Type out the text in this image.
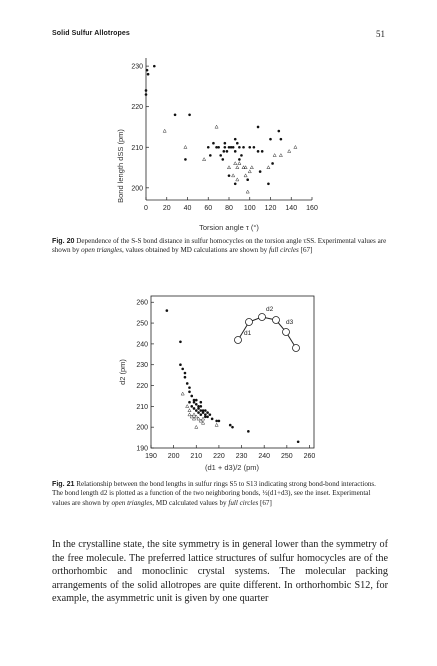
Solid Sulfur Allotropes	51
200
210
220
230
0 20 40 60 80 100 120 140 160
Torsion angle τ (°)
Bond length dSS (pm)
Fig. 20 Dependence of the S-S bond distance in sulfur homocycles on the torsion angle τSS. Experimental values are shown by open triangles, values obtained by MD calculations are shown by full circles [67]
190
200
210
220
230
240
250
260
190 200 210 220 230 240 250 260
d1
d2
d3
(d1 + d3)/2 (pm)
d2 (pm)
Fig. 21 Relationship between the bond lengths in sulfur rings S5 to S13 indicating strong bond-bond interactions. The bond length d2 is plotted as a function of the two neighboring bonds, ½(d1+d3), see the inset. Experimental values are shown by open triangles, MD calculated values by full circles [67]

In the crystalline state, the site symmetry is in general lower than the symmetry of the free molecule. The preferred lattice structures of sulfur homocycles are of the orthorhombic and monoclinic crystal systems. The molecular packing arrangements of the solid allotropes are quite different. In orthorhombic S12, for example, the asymmetric unit is given by one quarter
